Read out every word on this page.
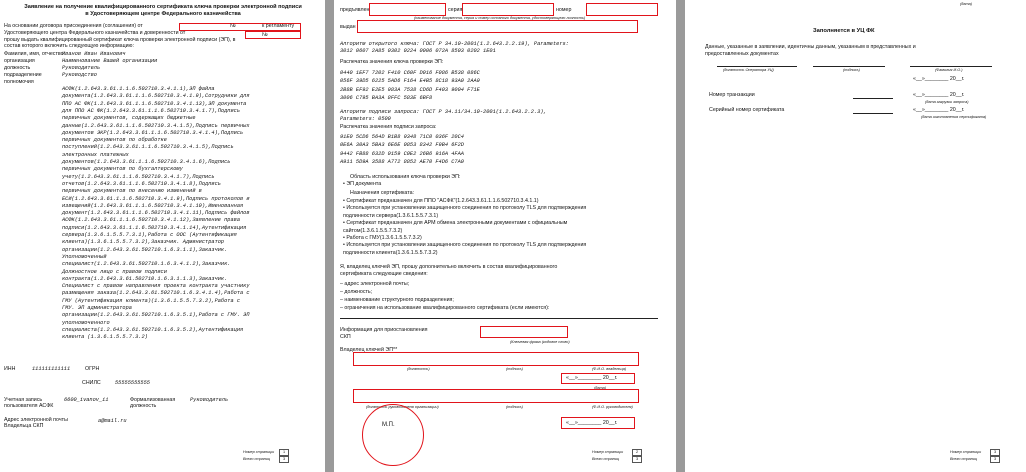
Заявление на получение квалифицированного сертификата ключа проверки электронной подписи в Удостоверяющем центре Федерального казначейства
На основании договора присоединения (соглашения) от	№	к регламенту
Удостоверяющего центра Федерального казначейства и доверенности от	№
прошу выдать квалифицированный сертификат ключа проверки электронной подписи (ЭП), в
состав которого включить следующую информацию:
Фамилия, имя, отчество
Иванов Иван Иванович
организация	Наименование Вашей организации
должность	Руководитель
подразделение	Руководство
полномочия
АСФК(1.2.643.3.61.1.1.6.502710.3.4.1.1),ЭП файла
документа(1.2.643.3.61.1.1.6.502710.3.4.1.9),Сотрудники для
ППО АС ФК(1.2.643.3.61.1.1.6.502710.3.4.1.13),ЭП документа
для ППО АС ФК(1.2.643.3.61.1.1.6.502710.3.4.1.7),Подпись
первичных документов, содержащих бюджетные
данные(1.2.643.3.61.1.1.6.502710.3.4.1.5),Подпись первичных
документов ЭКР(1.2.643.3.61.1.1.6.502710.3.4.1.4),Подпись
первичных документов по обработке
поступлений(1.2.643.3.61.1.1.6.502710.3.4.1.5),Подпись
электронных платежных
документов(1.2.643.3.61.1.1.6.502710.3.4.1.6),Подпись
первичных документов по бухгалтерскому
учету(1.2.643.3.61.1.1.6.502710.3.4.1.7),Подпись
отчетов(1.2.643.3.61.1.1.6.502710.3.4.1.8),Подпись
первичных документов по внесению изменений в
ЕСИ(1.2.643.3.61.1.1.6.502710.3.4.1.9),Подпись протоколов и
извещений(1.2.643.3.61.1.1.6.502710.3.4.1.10),Именованная
документ(1.2.643.3.61.1.1.6.502710.3.4.1.11),Подпись файлов
АСФК(1.2.643.3.61.1.1.6.502710.3.4.1.12),Заявление права
подписи(1.2.643.3.61.1.1.6.502710.3.4.1.14),Аутентификация
сервера(1.3.6.1.5.5.7.3.1),Работа с ООС (Аутентификация
клиента)(1.3.6.1.5.5.7.3.2),Заказчик. Администратор
организации(1.2.643.3.61.502710.1.6.3.1.1),Заказчик.
Уполномоченный
специалист(1.2.643.3.61.502710.1.6.3.4.1.2),Заказчик.
Должностное лицо с правом подписи
контракта(1.2.643.3.61.502710.1.6.3.1.1.3),Заказчик.
Специалист с правом направления проекта контракта участнику
размещения заказа(1.2.643.3.61.502710.1.6.3.4.1.4),Работа с
ГМУ (Аутентификация клиента)(1.3.6.1.5.5.7.3.2),Работа с
ГМУ. ЭП администратора
организации(1.2.643.3.61.502710.1.6.3.5.1),Работа с ГМУ. ЭП
уполномоченного
специалиста(1.2.643.3.61.502710.1.6.3.5.2),Аутентификация
клиента (1.3.6.1.5.5.7.3.2)
ИНН	111111111111	ОГРН
СНИЛС	55555555555
Учетная запись пользователя АСФК
6600_ivanov_ii	Формализованная должность
Руководитель
Адрес электронной почты Владельца СКП
a@mail.ru
Номер страницы	1
Всего страниц	3
предъявлен	серия	номер
(наименование документа, серия и номер основного документа, удостоверяющего личность)
выдан
Алгоритм открытого ключа: ГОСТ Р 34.10-2001(1.2.643.2.2.19), Parameters:
3012 0607 2A85 0302 0224 0006 072A 8503 0202 1E01
Распечатка значения ключа проверки ЭП:
0440 1EF7 7202 F410 C60F D016 F086 B538 086C
056F 39D5 6225 5AD6 F164 E4B5 8C18 93A0 2AA9
2B8B EF92 E2E5 983A 7538 CD6D F403 9004 F71E
3006 C795 BA3A 8FFC 583E 6BF8
Алгоритм подписи запроса: ГОСТ Р 34.11/34.10-2001(1.2.643.2.2.3),
Parameters: 0500
Распечатка значения подписи запроса:
91E0 5CD6 564D B1B8 9348 71C0 036F 20C4
0E6A 30A3 5BA3 6E6E 0853 8342 F9B4 6F2D
9442 FB88 632D 0159 C0E2 26B6 916A 4FAA
A911 5D9A 3588 A772 8852 AE70 F4D6 C7A0
Область использования ключа проверки ЭП:
• ЭП документа
Назначения сертификата:
• Сертификат предназначен для ППО "АСФК"(1.2.643.3.61.1.1.6.502710.3.4.1.1)
• Используется при установлении защищенного соединения по протоколу TLS для подтверждения
подлинности сервера(1.3.6.1.5.5.7.3.1)
• Сертификат предназначен для АРМ обмена электронными документами с официальным
сайтом(1.3.6.1.5.5.7.3.2)
• Работа с ГМУ(1.3.6.1.5.5.7.3.2)
• Используется при установлении защищенного соединения по протоколу TLS для подтверждения
подлинности клиента(1.3.6.1.5.5.7.3.2)
Я, владелец ключей ЭП, прошу дополнительно включить в состав квалифицированного
сертификата следующие сведения:
– адрес электронной почты;
– должность;
– наименование структурного подразделения;
– ограничения на использование квалифицированного сертификата (если имеются):
Информация для приостановления
СКП
(Ключевая фраза (кодовое слово)
Владелец ключей ЭП**
(должность)	(подпись)	(Ф.И.О. владельца)
«__»________ 20__г.
(дата)
(должность руководителя организации)	(подпись)	(Ф.И.О. руководителя)
«__»________ 20__г.
М.П.
Номер страницы	2
Всего страниц	3
(дата)
Заполняется в УЦ ФК
Данные, указанные в заявлении, идентичны данным, указанным в представленных и
предоставленных документах
(должность Оператора УЦ)	(подпись)	(Фамилия И.О.)
«__»________ 20__г.
Номер транзакции	«__»________ 20__г.
(дата загрузки запроса)
Серийный номер сертификата	«__»________ 20__г.
(дата изготовления сертификата)
Номер страницы	3
Всего страниц	3
